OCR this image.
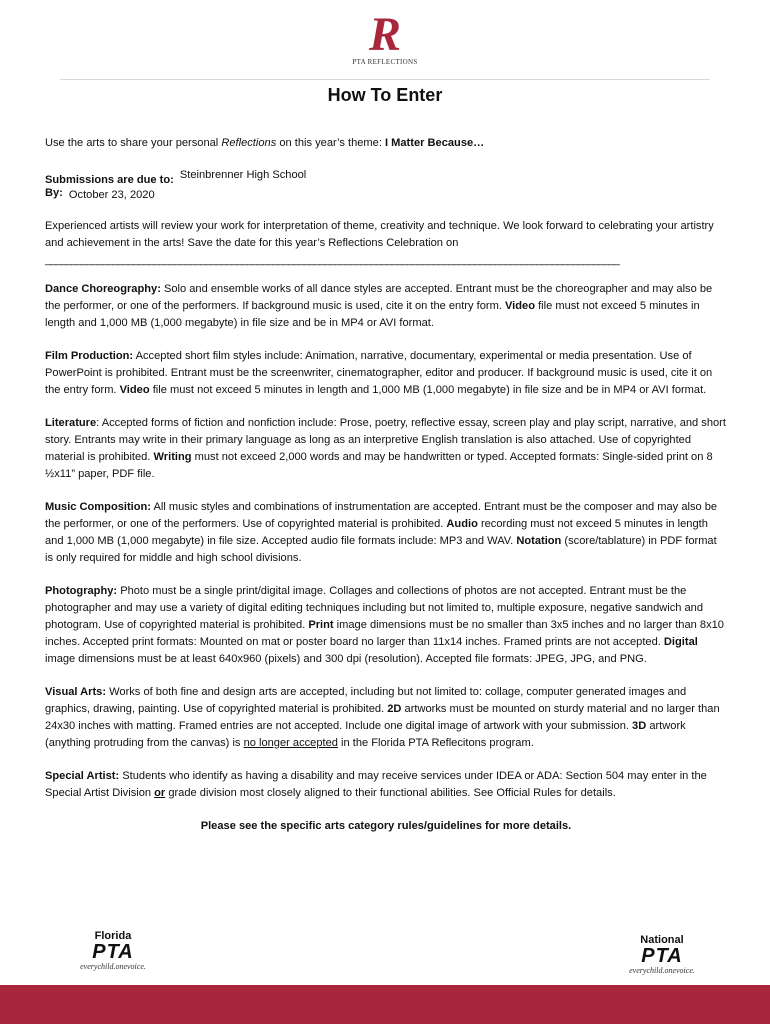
R
PTA REFLECTIONS
How To Enter

Use the arts to share your personal Reflections on this year’s theme: I Matter Because…

Submissions are due to: Steinbrenner High School
By: October 23, 2020

Experienced artists will review your work for interpretation of theme, creativity and technique. We look forward to celebrating your artistry and achievement in the arts! Save the date for this year’s Reflections Celebration on

_______________________________________________________________________________________________________________

Dance Choreography: Solo and ensemble works of all dance styles are accepted. Entrant must be the choreographer and may also be the performer, or one of the performers. If background music is used, cite it on the entry form. Video file must not exceed 5 minutes in length and 1,000 MB (1,000 megabyte) in file size and be in MP4 or AVI format.

Film Production: Accepted short film styles include: Animation, narrative, documentary, experimental or media presentation. Use of PowerPoint is prohibited. Entrant must be the screenwriter, cinematographer, editor and producer. If background music is used, cite it on the entry form. Video file must not exceed 5 minutes in length and 1,000 MB (1,000 megabyte) in file size and be in MP4 or AVI format.

Literature: Accepted forms of fiction and nonfiction include: Prose, poetry, reflective essay, screen play and play script, narrative, and short story. Entrants may write in their primary language as long as an interpretive English translation is also attached. Use of copyrighted material is prohibited. Writing must not exceed 2,000 words and may be handwritten or typed. Accepted formats: Single-sided print on 8 ½x11” paper, PDF file.

Music Composition: All music styles and combinations of instrumentation are accepted. Entrant must be the composer and may also be the performer, or one of the performers. Use of copyrighted material is prohibited. Audio recording must not exceed 5 minutes in length and 1,000 MB (1,000 megabyte) in file size. Accepted audio file formats include: MP3 and WAV. Notation (score/tablature) in PDF format is only required for middle and high school divisions.

Photography: Photo must be a single print/digital image. Collages and collections of photos are not accepted. Entrant must be the photographer and may use a variety of digital editing techniques including but not limited to, multiple exposure, negative sandwich and photogram. Use of copyrighted material is prohibited. Print image dimensions must be no smaller than 3x5 inches and no larger than 8x10 inches. Accepted print formats: Mounted on mat or poster board no larger than 11x14 inches. Framed prints are not accepted. Digital image dimensions must be at least 640x960 (pixels) and 300 dpi (resolution). Accepted file formats: JPEG, JPG, and PNG.

Visual Arts: Works of both fine and design arts are accepted, including but not limited to: collage, computer generated images and graphics, drawing, painting. Use of copyrighted material is prohibited. 2D artworks must be mounted on sturdy material and no larger than 24x30 inches with matting. Framed entries are not accepted. Include one digital image of artwork with your submission. 3D artwork (anything protruding from the canvas) is no longer accepted in the Florida PTA Reflecitons program.

Special Artist: Students who identify as having a disability and may receive services under IDEA or ADA: Section 504 may enter in the Special Artist Division or grade division most closely aligned to their functional abilities. See Official Rules for details.

Please see the specific arts category rules/guidelines for more details.

Florida
PTA
everychild.onevoice.
National
PTA
everychild.onevoice.
